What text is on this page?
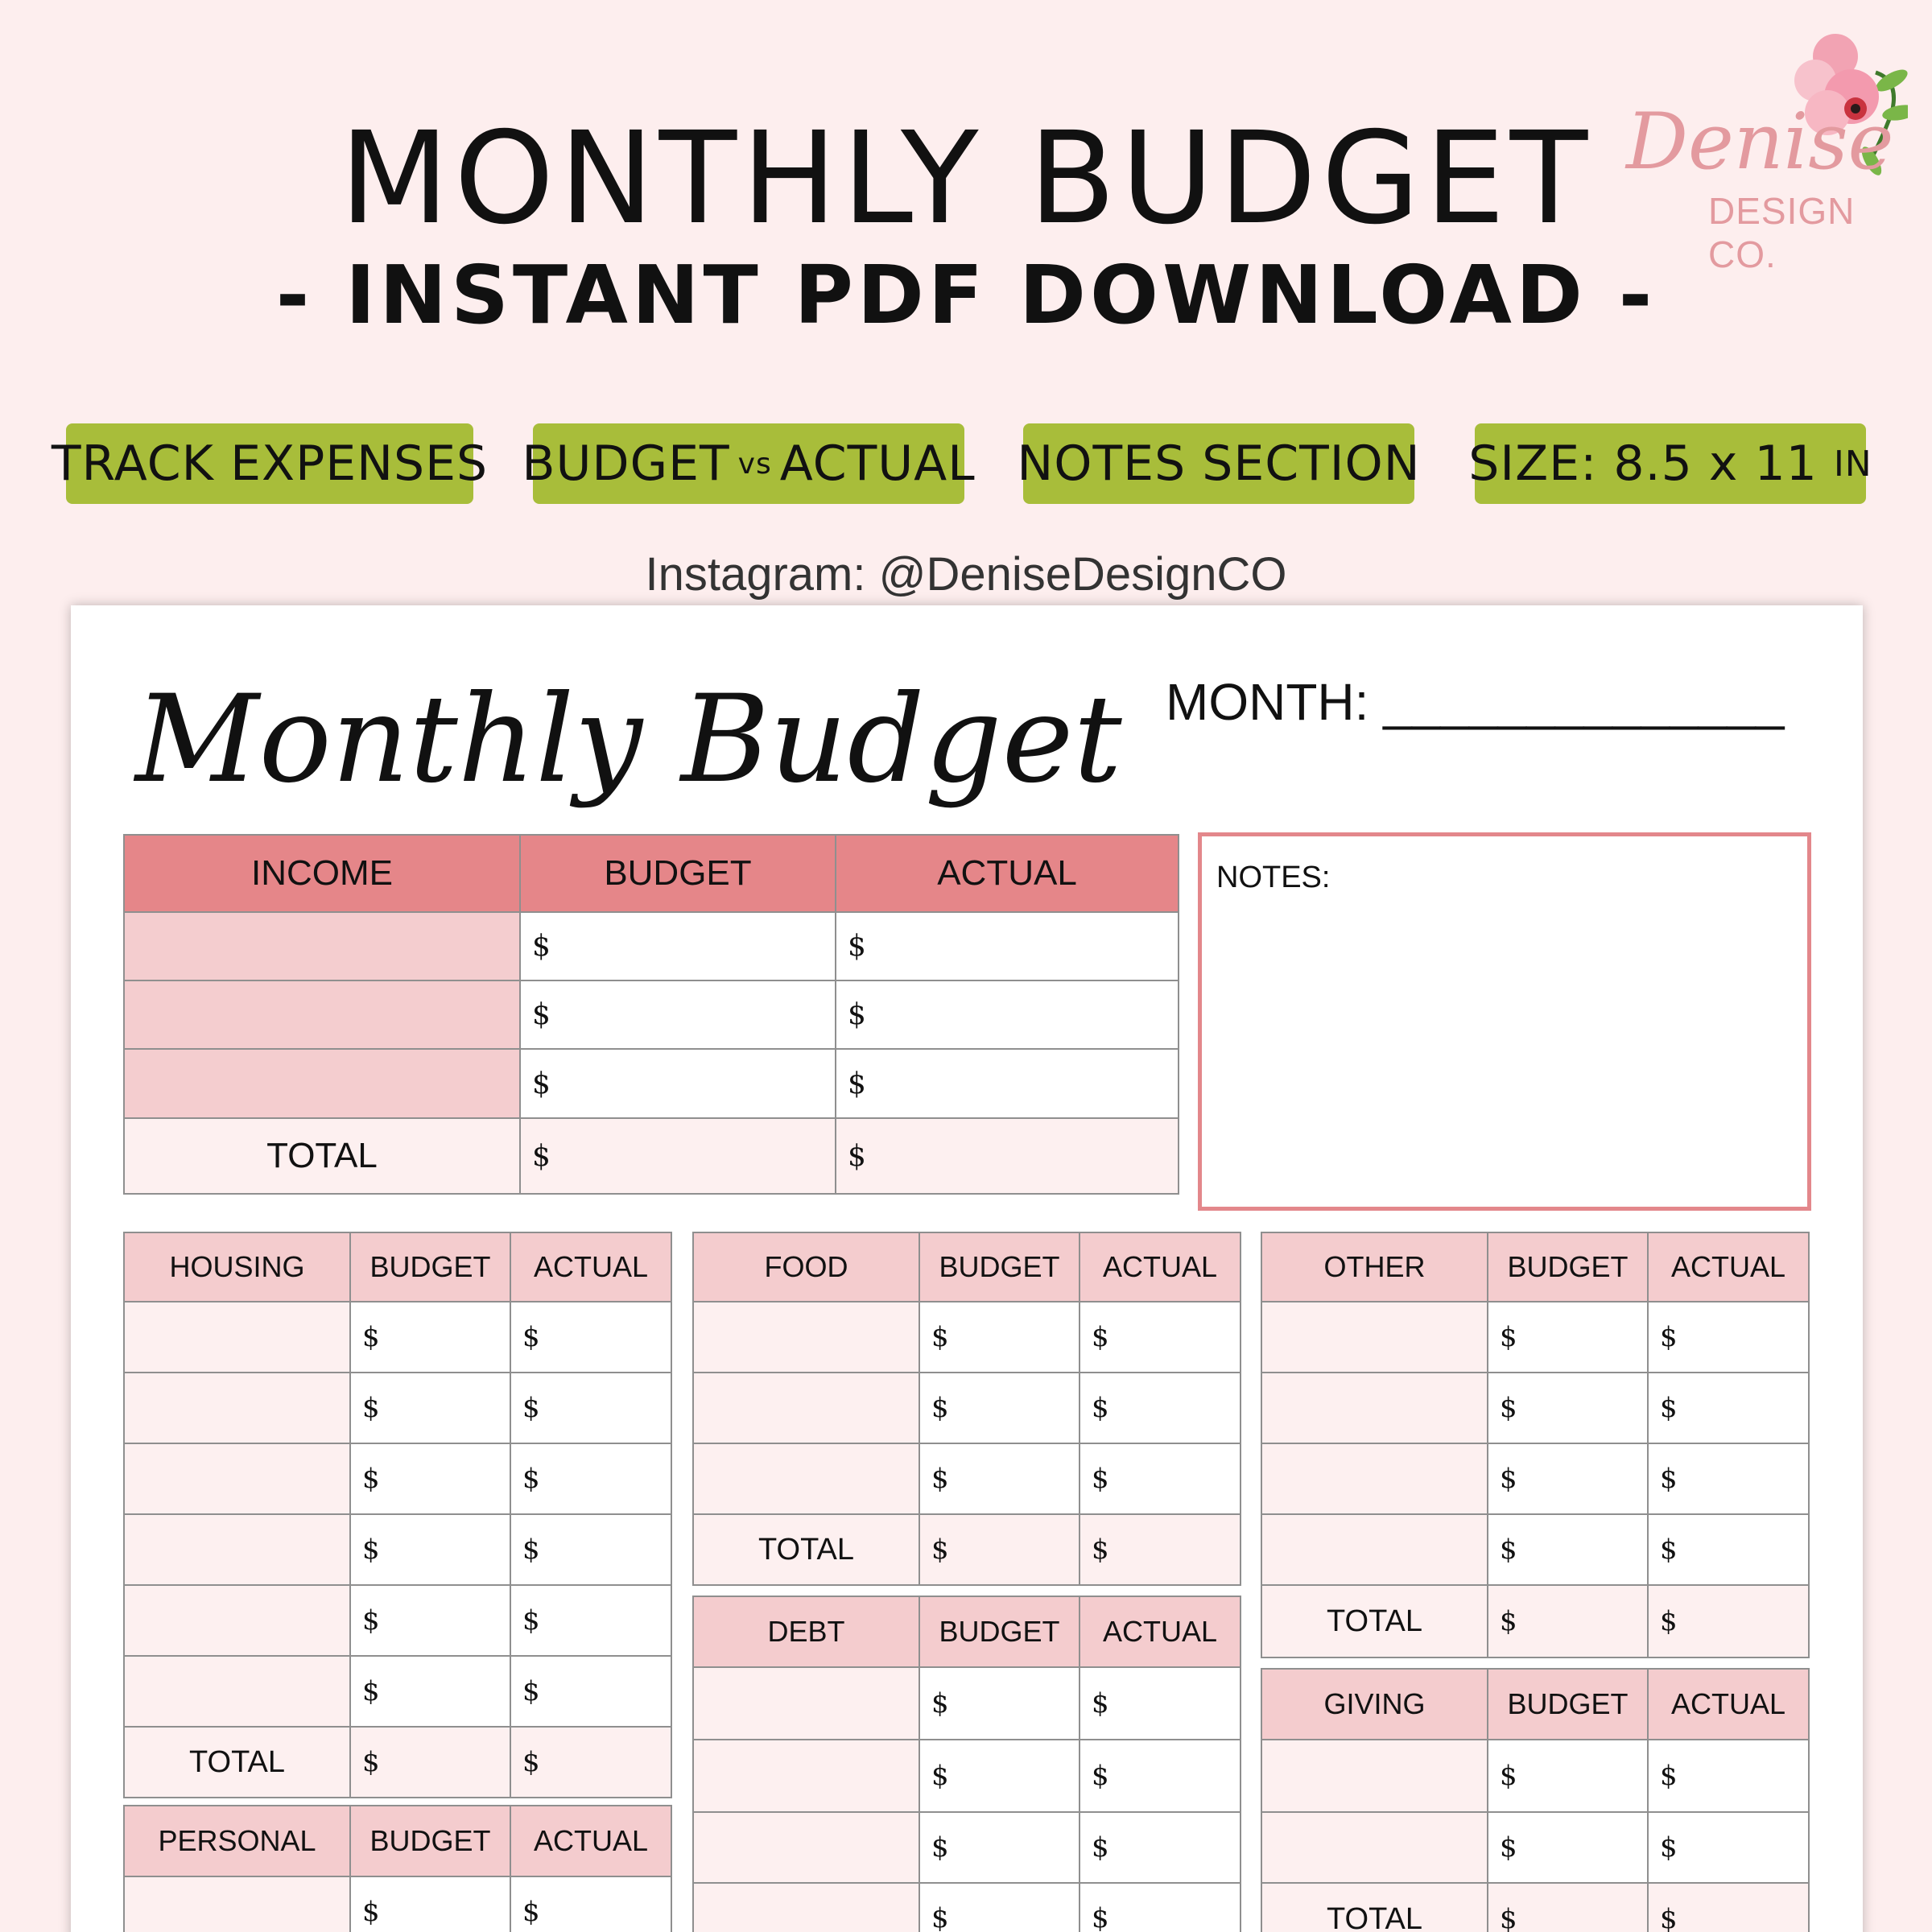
MONTHLY BUDGET
- INSTANT PDF DOWNLOAD -
Denise
DESIGN CO.
TRACK EXPENSES BUDGET vs ACTUAL NOTES SECTION SIZE: 8.5 x 11 IN
Instagram: @DeniseDesignCO
Monthly Budget MONTH: ______________
INCOME	BUDGET	ACTUAL
	$	$
	$	$
	$	$
TOTAL	$	$
NOTES:
HOUSING	BUDGET	ACTUAL
	$	$
	$	$
	$	$
	$	$
	$	$
	$	$
TOTAL	$	$
PERSONAL	BUDGET	ACTUAL
	$	$
FOOD	BUDGET	ACTUAL
	$	$
	$	$
	$	$
TOTAL	$	$
DEBT	BUDGET	ACTUAL
	$	$
	$	$
	$	$
	$	$
OTHER	BUDGET	ACTUAL
	$	$
	$	$
	$	$
	$	$
TOTAL	$	$
GIVING	BUDGET	ACTUAL
	$	$
	$	$
TOTAL	$	$
